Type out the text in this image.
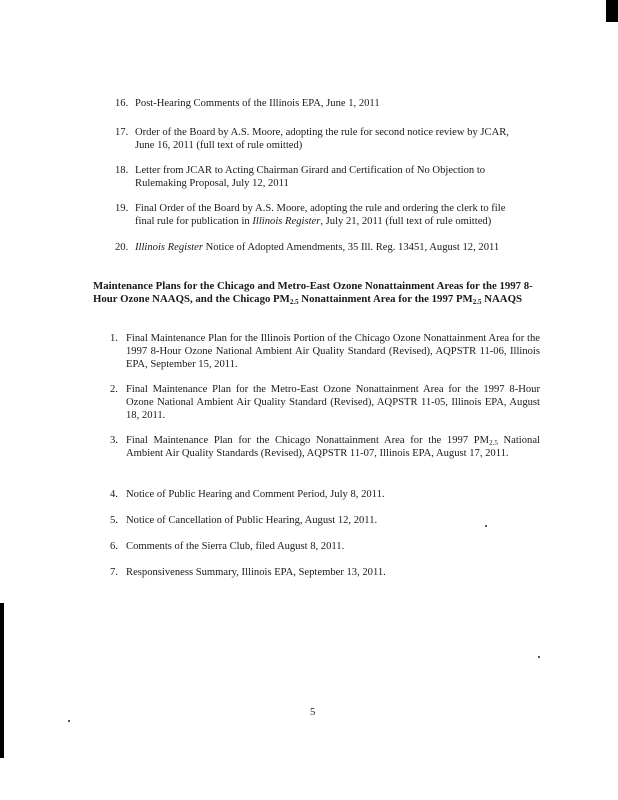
16. Post-Hearing Comments of the Illinois EPA, June 1, 2011
17. Order of the Board by A.S. Moore, adopting the rule for second notice review by JCAR, June 16, 2011 (full text of rule omitted)
18. Letter from JCAR to Acting Chairman Girard and Certification of No Objection to Rulemaking Proposal, July 12, 2011
19. Final Order of the Board by A.S. Moore, adopting the rule and ordering the clerk to file final rule for publication in Illinois Register, July 21, 2011 (full text of rule omitted)
20. Illinois Register Notice of Adopted Amendments, 35 Ill. Reg. 13451, August 12, 2011
Maintenance Plans for the Chicago and Metro-East Ozone Nonattainment Areas for the 1997 8-Hour Ozone NAAQS, and the Chicago $PM_{2.5}$ Nonattainment Area for the 1997 $PM_{2.5}$ NAAQS
1. Final Maintenance Plan for the Illinois Portion of the Chicago Ozone Nonattainment Area for the 1997 8-Hour Ozone National Ambient Air Quality Standard (Revised), AQPSTR 11-06, Illinois EPA, September 15, 2011.
2. Final Maintenance Plan for the Metro-East Ozone Nonattainment Area for the 1997 8-Hour Ozone National Ambient Air Quality Standard (Revised), AQPSTR 11-05, Illinois EPA, August 18, 2011.
3. Final Maintenance Plan for the Chicago Nonattainment Area for the 1997 $PM_{2.5}$ National Ambient Air Quality Standards (Revised), AQPSTR 11-07, Illinois EPA, August 17, 2011.
4. Notice of Public Hearing and Comment Period, July 8, 2011.
5. Notice of Cancellation of Public Hearing, August 12, 2011.
6. Comments of the Sierra Club, filed August 8, 2011.
7. Responsiveness Summary, Illinois EPA, September 13, 2011.
5
